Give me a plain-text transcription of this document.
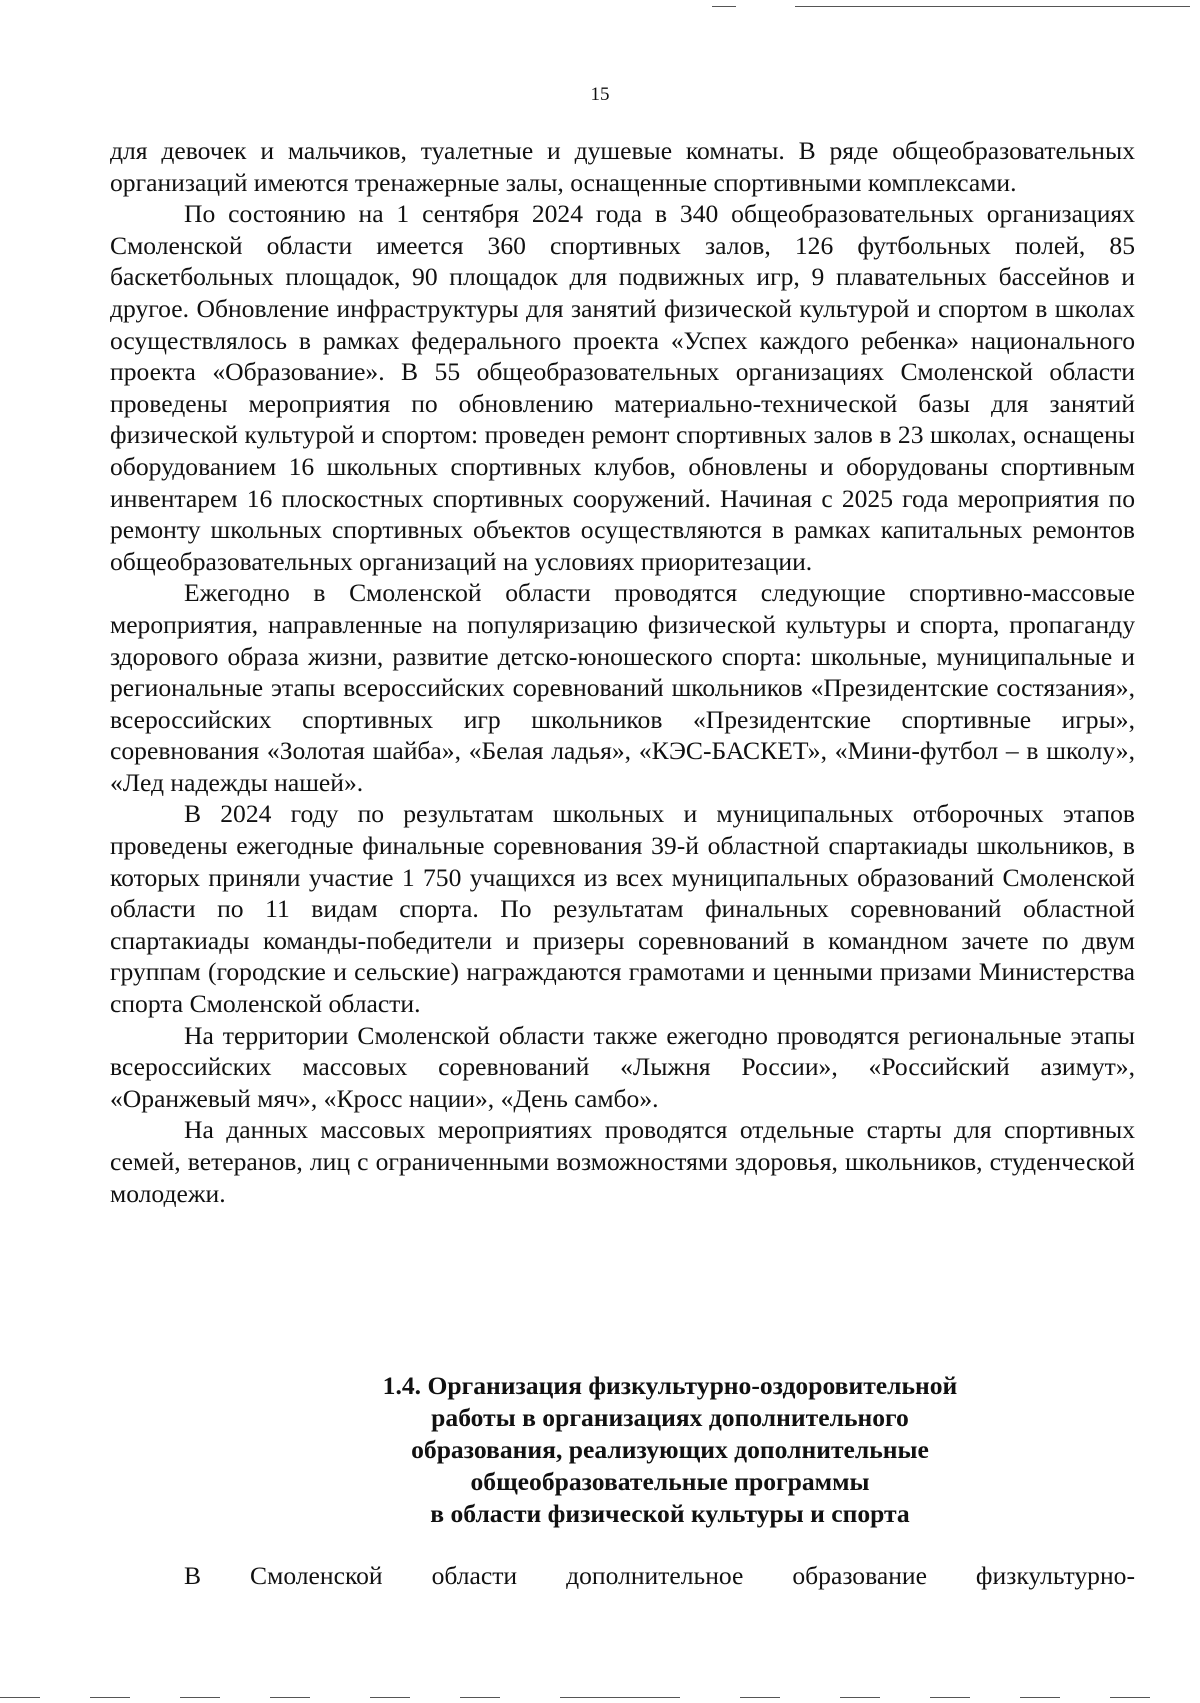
15

для девочек и мальчиков, туалетные и душевые комнаты. В ряде общеобразовательных организаций имеются тренажерные залы, оснащенные спортивными комплексами.

По состоянию на 1 сентября 2024 года в 340 общеобразовательных организациях Смоленской области имеется 360 спортивных залов, 126 футбольных полей, 85 баскетбольных площадок, 90 площадок для подвижных игр, 9 плавательных бассейнов и другое. Обновление инфраструктуры для занятий физической культурой и спортом в школах осуществлялось в рамках федерального проекта «Успех каждого ребенка» национального проекта «Образование». В 55 общеобразовательных организациях Смоленской области проведены мероприятия по обновлению материально-технической базы для занятий физической культурой и спортом: проведен ремонт спортивных залов в 23 школах, оснащены оборудованием 16 школьных спортивных клубов, обновлены и оборудованы спортивным инвентарем 16 плоскостных спортивных сооружений. Начиная с 2025 года мероприятия по ремонту школьных спортивных объектов осуществляются в рамках капитальных ремонтов общеобразовательных организаций на условиях приоритезации.

Ежегодно в Смоленской области проводятся следующие спортивно-массовые мероприятия, направленные на популяризацию физической культуры и спорта, пропаганду здорового образа жизни, развитие детско-юношеского спорта: школьные, муниципальные и региональные этапы всероссийских соревнований школьников «Президентские состязания», всероссийских спортивных игр школьников «Президентские спортивные игры», соревнования «Золотая шайба», «Белая ладья», «КЭС-БАСКЕТ», «Мини-футбол – в школу», «Лед надежды нашей».

В 2024 году по результатам школьных и муниципальных отборочных этапов проведены ежегодные финальные соревнования 39-й областной спартакиады школьников, в которых приняли участие 1 750 учащихся из всех муниципальных образований Смоленской области по 11 видам спорта. По результатам финальных соревнований областной спартакиады команды-победители и призеры соревнований в командном зачете по двум группам (городские и сельские) награждаются грамотами и ценными призами Министерства спорта Смоленской области.

На территории Смоленской области также ежегодно проводятся региональные этапы всероссийских массовых соревнований «Лыжня России», «Российский азимут», «Оранжевый мяч», «Кросс нации», «День самбо».

На данных массовых мероприятиях проводятся отдельные старты для спортивных семей, ветеранов, лиц с ограниченными возможностями здоровья, школьников, студенческой молодежи.

1.4. Организация физкультурно-оздоровительной
работы в организациях дополнительного
образования, реализующих дополнительные
общеобразовательные программы
в области физической культуры и спорта
В Смоленской области дополнительное образование физкультурно-
